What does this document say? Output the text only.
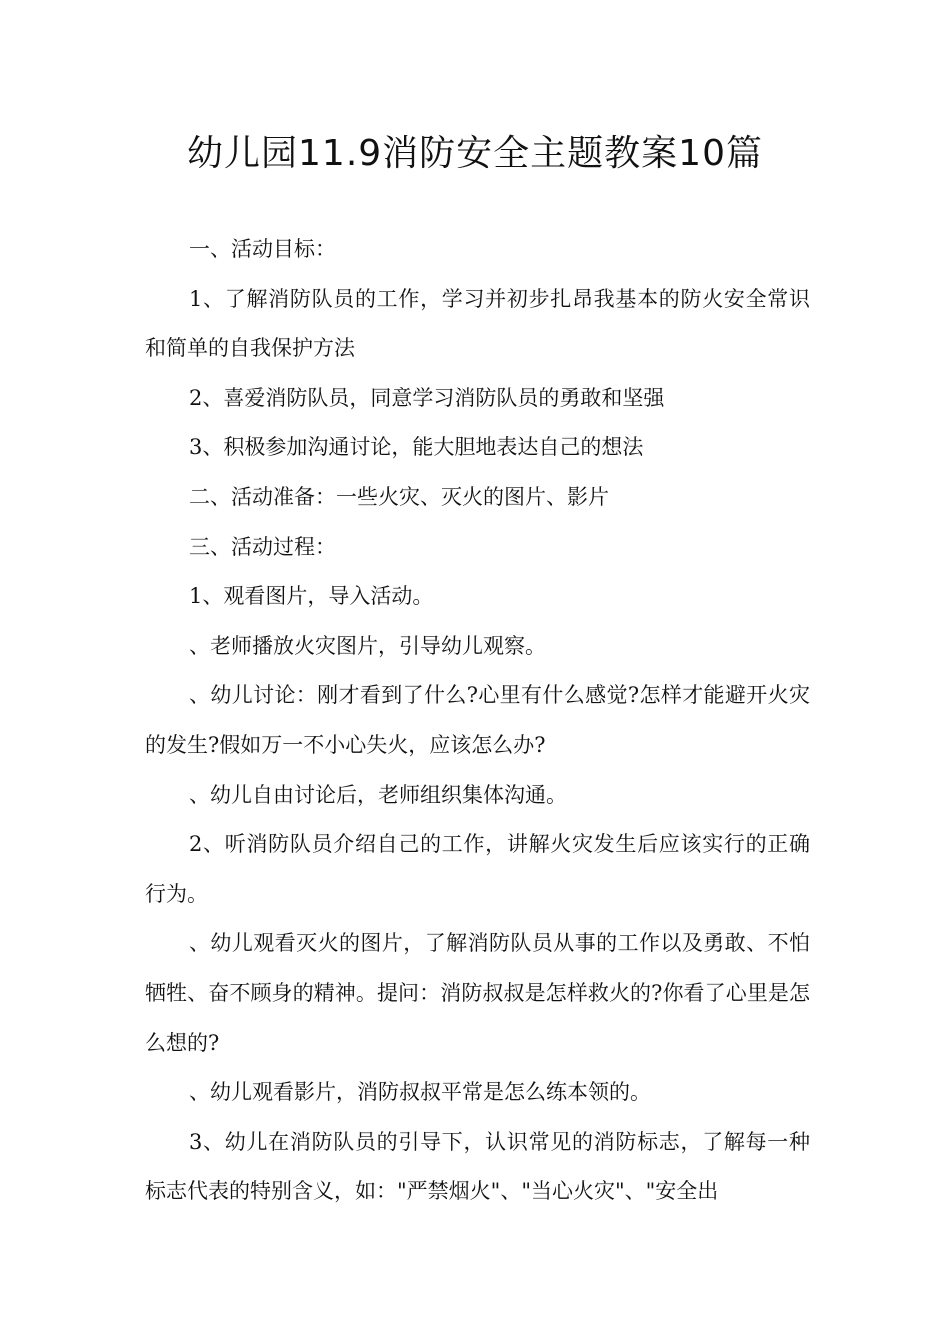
幼儿园11.9消防安全主题教案10篇

一、活动目标：

1、了解消防队员的工作，学习并初步扎昂我基本的防火安全常识和简单的自我保护方法

2、喜爱消防队员，同意学习消防队员的勇敢和坚强

3、积极参加沟通讨论，能大胆地表达自己的想法

二、活动准备：一些火灾、灭火的图片、影片

三、活动过程：

1、观看图片，导入活动。

、老师播放火灾图片，引导幼儿观察。

、幼儿讨论：刚才看到了什么?心里有什么感觉?怎样才能避开火灾的发生?假如万一不小心失火，应该怎么办?

、幼儿自由讨论后，老师组织集体沟通。

2、听消防队员介绍自己的工作，讲解火灾发生后应该实行的正确行为。

、幼儿观看灭火的图片，了解消防队员从事的工作以及勇敢、不怕牺牲、奋不顾身的精神。提问：消防叔叔是怎样救火的?你看了心里是怎么想的?

、幼儿观看影片，消防叔叔平常是怎么练本领的。

3、幼儿在消防队员的引导下，认识常见的消防标志，了解每一种标志代表的特别含义，如："严禁烟火"、"当心火灾"、"安全出
